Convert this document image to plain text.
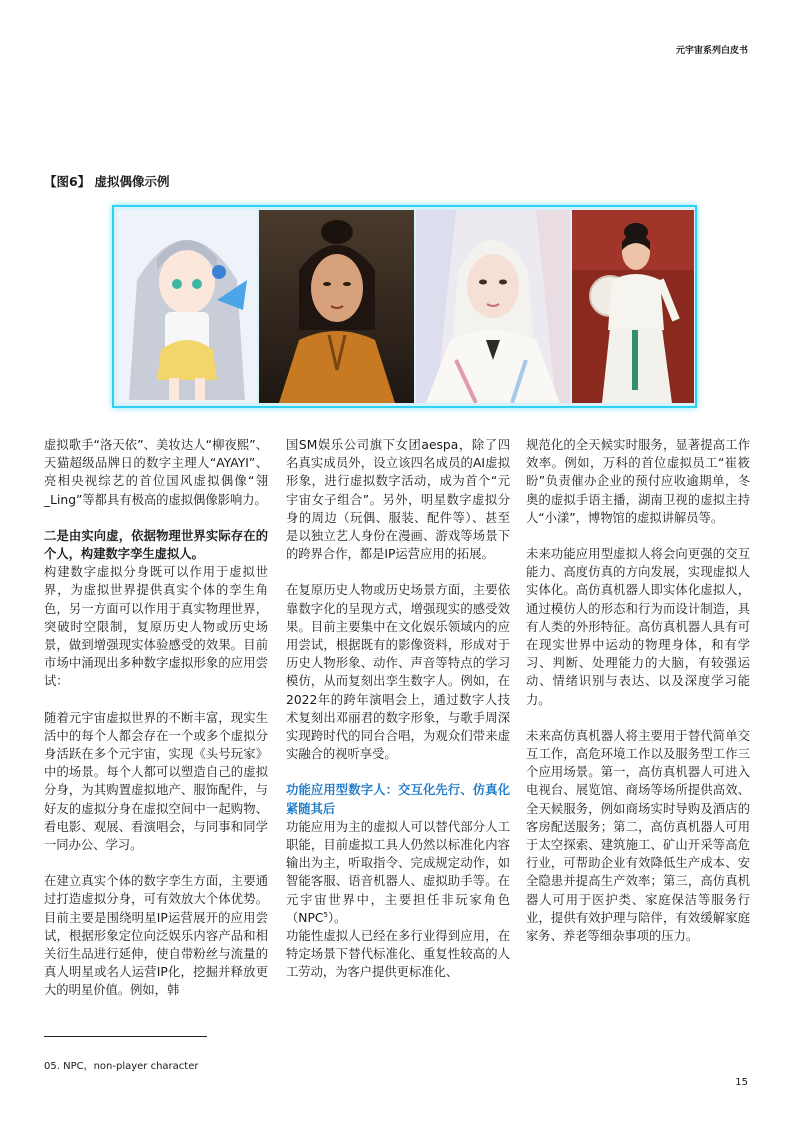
元宇宙系列白皮书
【图6】 虚拟偶像示例

虚拟歌手“洛天依”、美妆达人“柳夜熙”、天猫超级品牌日的数字主理人“AYAYI”、亮相央视综艺的首位国风虚拟偶像“翎_Ling”等都具有极高的虚拟偶像影响力。

二是由实向虚，依据物理世界实际存在的个人，构建数字孪生虚拟人。

构建数字虚拟分身既可以作用于虚拟世界，为虚拟世界提供真实个体的孪生角色，另一方面可以作用于真实物理世界，突破时空限制，复原历史人物或历史场景，做到增强现实体验感受的效果。目前市场中涌现出多种数字虚拟形象的应用尝试：

随着元宇宙虚拟世界的不断丰富，现实生活中的每个人都会存在一个或多个虚拟分身活跃在多个元宇宙，实现《头号玩家》中的场景。每个人都可以塑造自己的虚拟分身，为其购置虚拟地产、服饰配件，与好友的虚拟分身在虚拟空间中一起购物、看电影、观展、看演唱会，与同事和同学一同办公、学习。

在建立真实个体的数字孪生方面，主要通过打造虚拟分身，可有效放大个体优势。目前主要是围绕明星IP运营展开的应用尝试，根据形象定位向泛娱乐内容产品和相关衍生品进行延伸，使自带粉丝与流量的真人明星或名人运营IP化，挖掘并释放更大的明星价值。例如，韩

国SM娱乐公司旗下女团aespa，除了四名真实成员外，设立该四名成员的AI虚拟形象，进行虚拟数字活动，成为首个“元宇宙女子组合”。另外，明星数字虚拟分身的周边（玩偶、服装、配件等）、甚至是以独立艺人身份在漫画、游戏等场景下的跨界合作，都是IP运营应用的拓展。

在复原历史人物或历史场景方面，主要依靠数字化的呈现方式，增强现实的感受效果。目前主要集中在文化娱乐领域内的应用尝试，根据既有的影像资料，形成对于历史人物形象、动作、声音等特点的学习模仿，从而复刻出孪生数字人。例如，在2022年的跨年演唱会上，通过数字人技术复刻出邓丽君的数字形象，与歌手周深实现跨时代的同台合唱，为观众们带来虚实融合的视听享受。

功能应用型数字人：交互化先行、仿真化紧随其后

功能应用为主的虚拟人可以替代部分人工职能，目前虚拟工具人仍然以标准化内容输出为主，听取指令、完成规定动作，如智能客服、语音机器人、虚拟助手等。在元宇宙世界中，主要担任非玩家角色（NPC$^5$）。

功能性虚拟人已经在多行业得到应用，在特定场景下替代标准化、重复性较高的人工劳动，为客户提供更标准化、

规范化的全天候实时服务，显著提高工作效率。例如，万科的首位虚拟员工“崔筱盼”负责催办企业的预付应收逾期单，冬奥的虚拟手语主播，湖南卫视的虚拟主持人“小漾”，博物馆的虚拟讲解员等。

未来功能应用型虚拟人将会向更强的交互能力、高度仿真的方向发展，实现虚拟人实体化。高仿真机器人即实体化虚拟人，通过模仿人的形态和行为而设计制造，具有人类的外形特征。高仿真机器人具有可在现实世界中运动的物理身体，和有学习、判断、处理能力的大脑，有较强运动、情绪识别与表达、以及深度学习能力。

未来高仿真机器人将主要用于替代简单交互工作，高危环境工作以及服务型工作三个应用场景。第一，高仿真机器人可进入电视台、展览馆、商场等场所提供高效、全天候服务，例如商场实时导购及酒店的客房配送服务；第二，高仿真机器人可用于太空探索、建筑施工、矿山开采等高危行业，可帮助企业有效降低生产成本、安全隐患并提高生产效率；第三，高仿真机器人可用于医护类、家庭保洁等服务行业，提供有效护理与陪伴，有效缓解家庭家务、养老等细杂事项的压力。

05. NPC，non-player character
15
